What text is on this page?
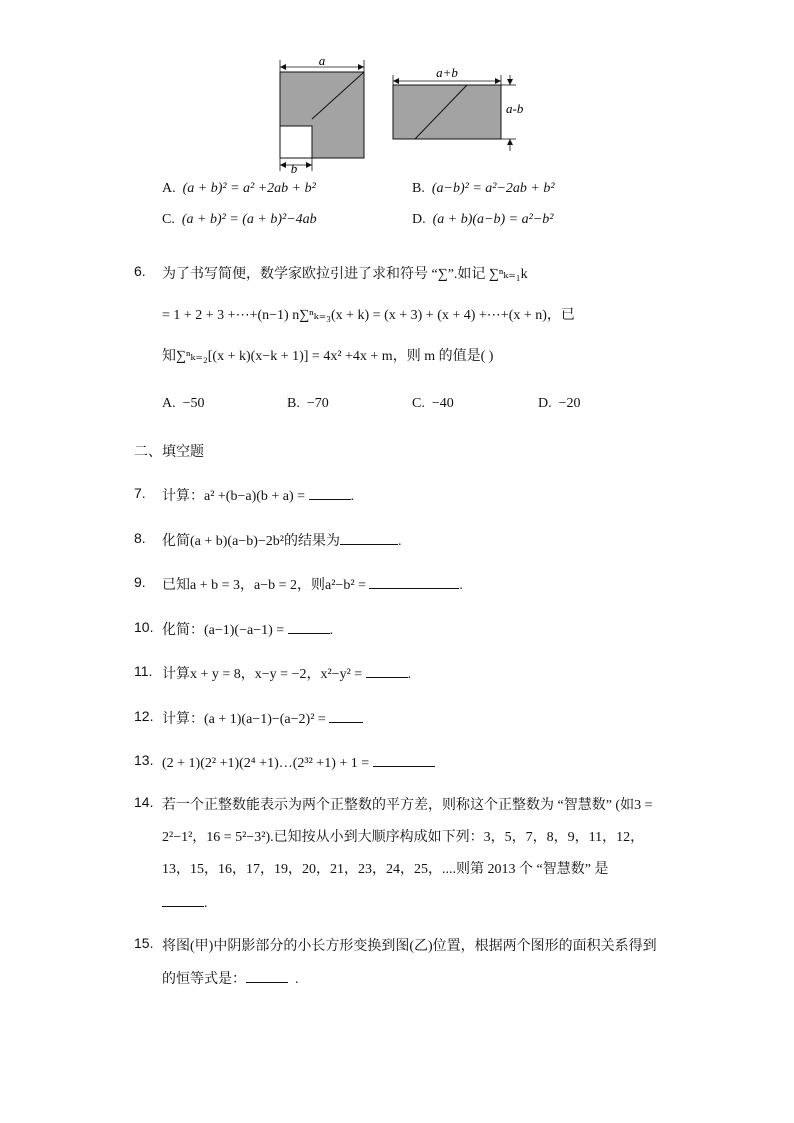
a
b
a+b
a-b
A. (a + b)² = a² +2ab + b²	B. (a−b)² = a²−2ab + b²
C. (a + b)² = (a + b)²−4ab	D. (a + b)(a−b) = a²−b²
6. 为了书写简便，数学家欧拉引进了求和符号 “∑”.如记 ∑ⁿₖ₌₁k
= 1 + 2 + 3 +⋯+(n−1) n∑ⁿₖ₌₃(x + k) = (x + 3) + (x + 4) +⋯+(x + n)，已
知∑ⁿₖ₌₂[(x + k)(x−k + 1)] = 4x² +4x + m，则 m 的值是( )
A. −50	B. −70	C. −40	D. −20
二、填空题
7. 计算：a² +(b−a)(b + a) =	.
8. 化简(a + b)(a−b)−2b²的结果为	.
9. 已知a + b = 3，a−b = 2，则a²−b² =	.
10. 化简：(a−1)(−a−1) =	.
11. 计算x + y = 8，x−y = −2，x²−y² =	.
12. 计算：(a + 1)(a−1)−(a−2)² =
13. (2 + 1)(2² +1)(2⁴ +1)…(2³² +1) + 1 =
14. 若一个正整数能表示为两个正整数的平方差，则称这个正整数为 “智慧数” (如3 =
13，15，16，17，19，20，21，23，24，25，....则第 2013 个 “智慧数” 是
.
15. 将图(甲)中阴影部分的小长方形变换到图(乙)位置，根据两个图形的面积关系得到
的恒等式是：	.
2²−1²，16 = 5²−3²).已知按从小到大顺序构成如下列：3，5，7，8，9，11，12，
